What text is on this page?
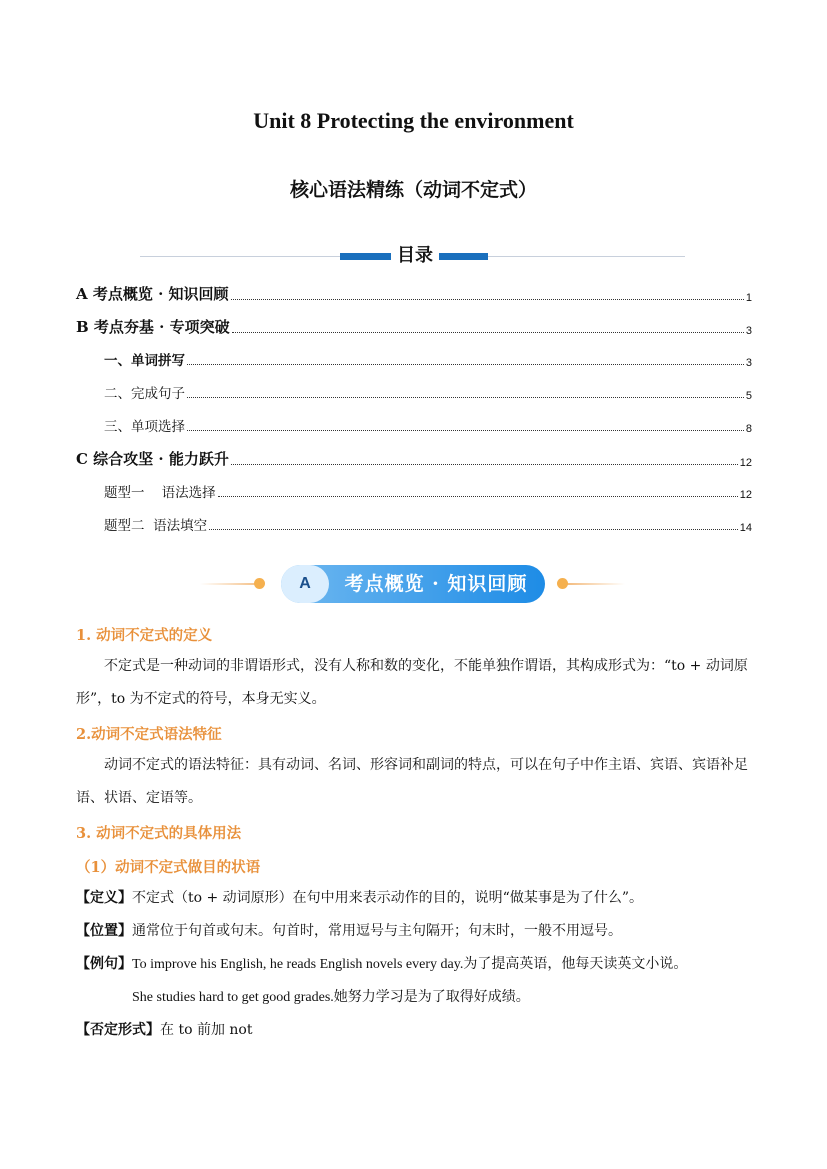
Unit 8 Protecting the environment
核心语法精练（动词不定式）
目录
A 考点概览 · 知识回顾	1
B 考点夯基 · 专项突破	3
一、单词拼写	3
二、完成句子	5
三、单项选择	8
C 综合攻坚 · 能力跃升	12
题型一    语法选择	12
题型二  语法填空	14
A	考点概览 · 知识回顾
1. 动词不定式的定义
不定式是一种动词的非谓语形式，没有人称和数的变化，不能单独作谓语，其构成形式为：“to + 动词原形”，to 为不定式的符号，本身无实义。
2.动词不定式语法特征
动词不定式的语法特征：具有动词、名词、形容词和副词的特点，可以在句子中作主语、宾语、宾语补足语、状语、定语等。
3. 动词不定式的具体用法
（1）动词不定式做目的状语
【定义】不定式（to + 动词原形）在句中用来表示动作的目的，说明“做某事是为了什么”。
【位置】通常位于句首或句末。句首时，常用逗号与主句隔开；句末时，一般不用逗号。
【例句】To improve his English, he reads English novels every day.为了提高英语，他每天读英文小说。
She studies hard to get good grades.她努力学习是为了取得好成绩。
【否定形式】在 to 前加 not
